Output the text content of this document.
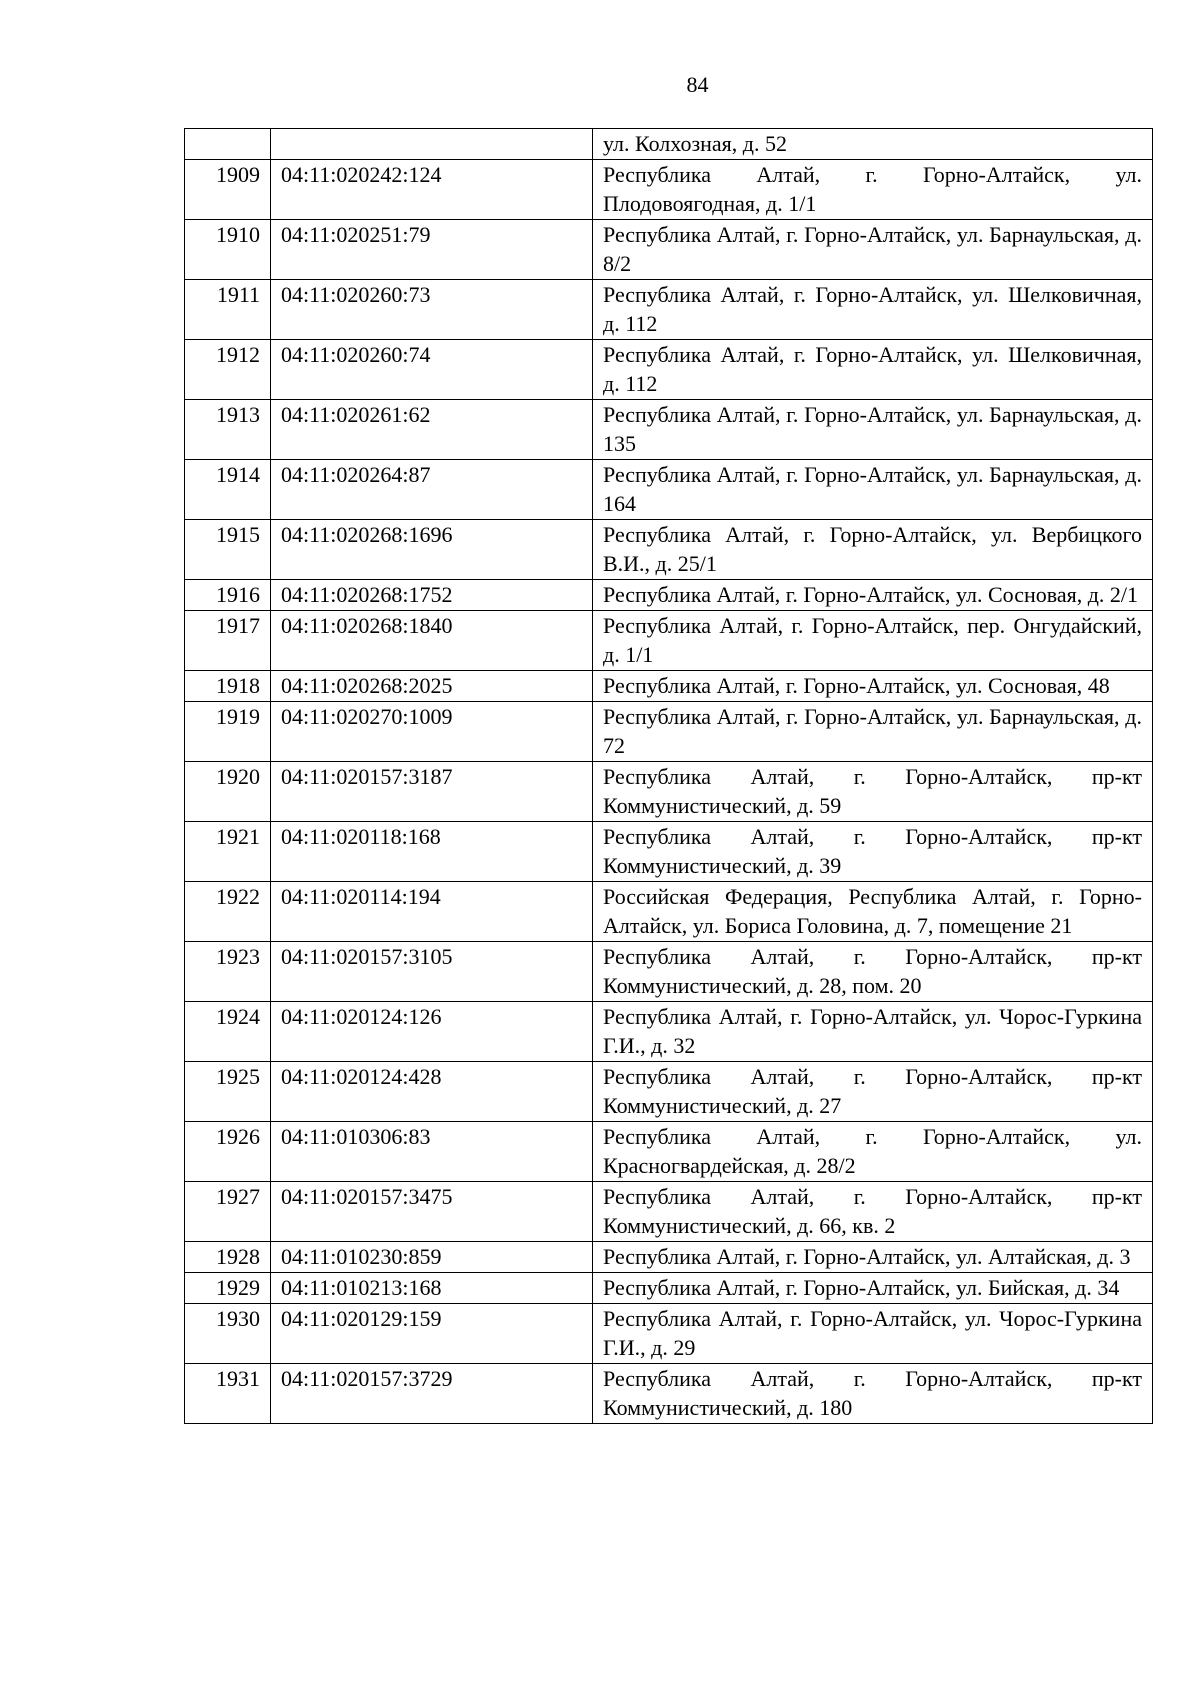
84
		ул. Колхозная, д. 52
1909	04:11:020242:124	Республика Алтай, г. Горно-Алтайск, ул. Плодовоягодная, д. 1/1
1910	04:11:020251:79	Республика Алтай, г. Горно-Алтайск, ул. Барнаульская, д. 8/2
1911	04:11:020260:73	Республика Алтай, г. Горно-Алтайск, ул. Шелковичная, д. 112
1912	04:11:020260:74	Республика Алтай, г. Горно-Алтайск, ул. Шелковичная, д. 112
1913	04:11:020261:62	Республика Алтай, г. Горно-Алтайск, ул. Барнаульская, д. 135
1914	04:11:020264:87	Республика Алтай, г. Горно-Алтайск, ул. Барнаульская, д. 164
1915	04:11:020268:1696	Республика Алтай, г. Горно-Алтайск, ул. Вербицкого В.И., д. 25/1
1916	04:11:020268:1752	Республика Алтай, г. Горно-Алтайск, ул. Сосновая, д. 2/1
1917	04:11:020268:1840	Республика Алтай, г. Горно-Алтайск, пер. Онгудайский, д. 1/1
1918	04:11:020268:2025	Республика Алтай, г. Горно-Алтайск, ул. Сосновая, 48
1919	04:11:020270:1009	Республика Алтай, г. Горно-Алтайск, ул. Барнаульская, д. 72
1920	04:11:020157:3187	Республика Алтай, г. Горно-Алтайск, пр-кт Коммунистический, д. 59
1921	04:11:020118:168	Республика Алтай, г. Горно-Алтайск, пр-кт Коммунистический, д. 39
1922	04:11:020114:194	Российская Федерация, Республика Алтай, г. Горно-Алтайск, ул. Бориса Головина, д. 7, помещение 21
1923	04:11:020157:3105	Республика Алтай, г. Горно-Алтайск, пр-кт Коммунистический, д. 28, пом. 20
1924	04:11:020124:126	Республика Алтай, г. Горно-Алтайск, ул. Чорос-Гуркина Г.И., д. 32
1925	04:11:020124:428	Республика Алтай, г. Горно-Алтайск, пр-кт Коммунистический, д. 27
1926	04:11:010306:83	Республика Алтай, г. Горно-Алтайск, ул. Красногвардейская, д. 28/2
1927	04:11:020157:3475	Республика Алтай, г. Горно-Алтайск, пр-кт Коммунистический, д. 66, кв. 2
1928	04:11:010230:859	Республика Алтай, г. Горно-Алтайск, ул. Алтайская, д. 3
1929	04:11:010213:168	Республика Алтай, г. Горно-Алтайск, ул. Бийская, д. 34
1930	04:11:020129:159	Республика Алтай, г. Горно-Алтайск, ул. Чорос-Гуркина Г.И., д. 29
1931	04:11:020157:3729	Республика Алтай, г. Горно-Алтайск, пр-кт Коммунистический, д. 180
